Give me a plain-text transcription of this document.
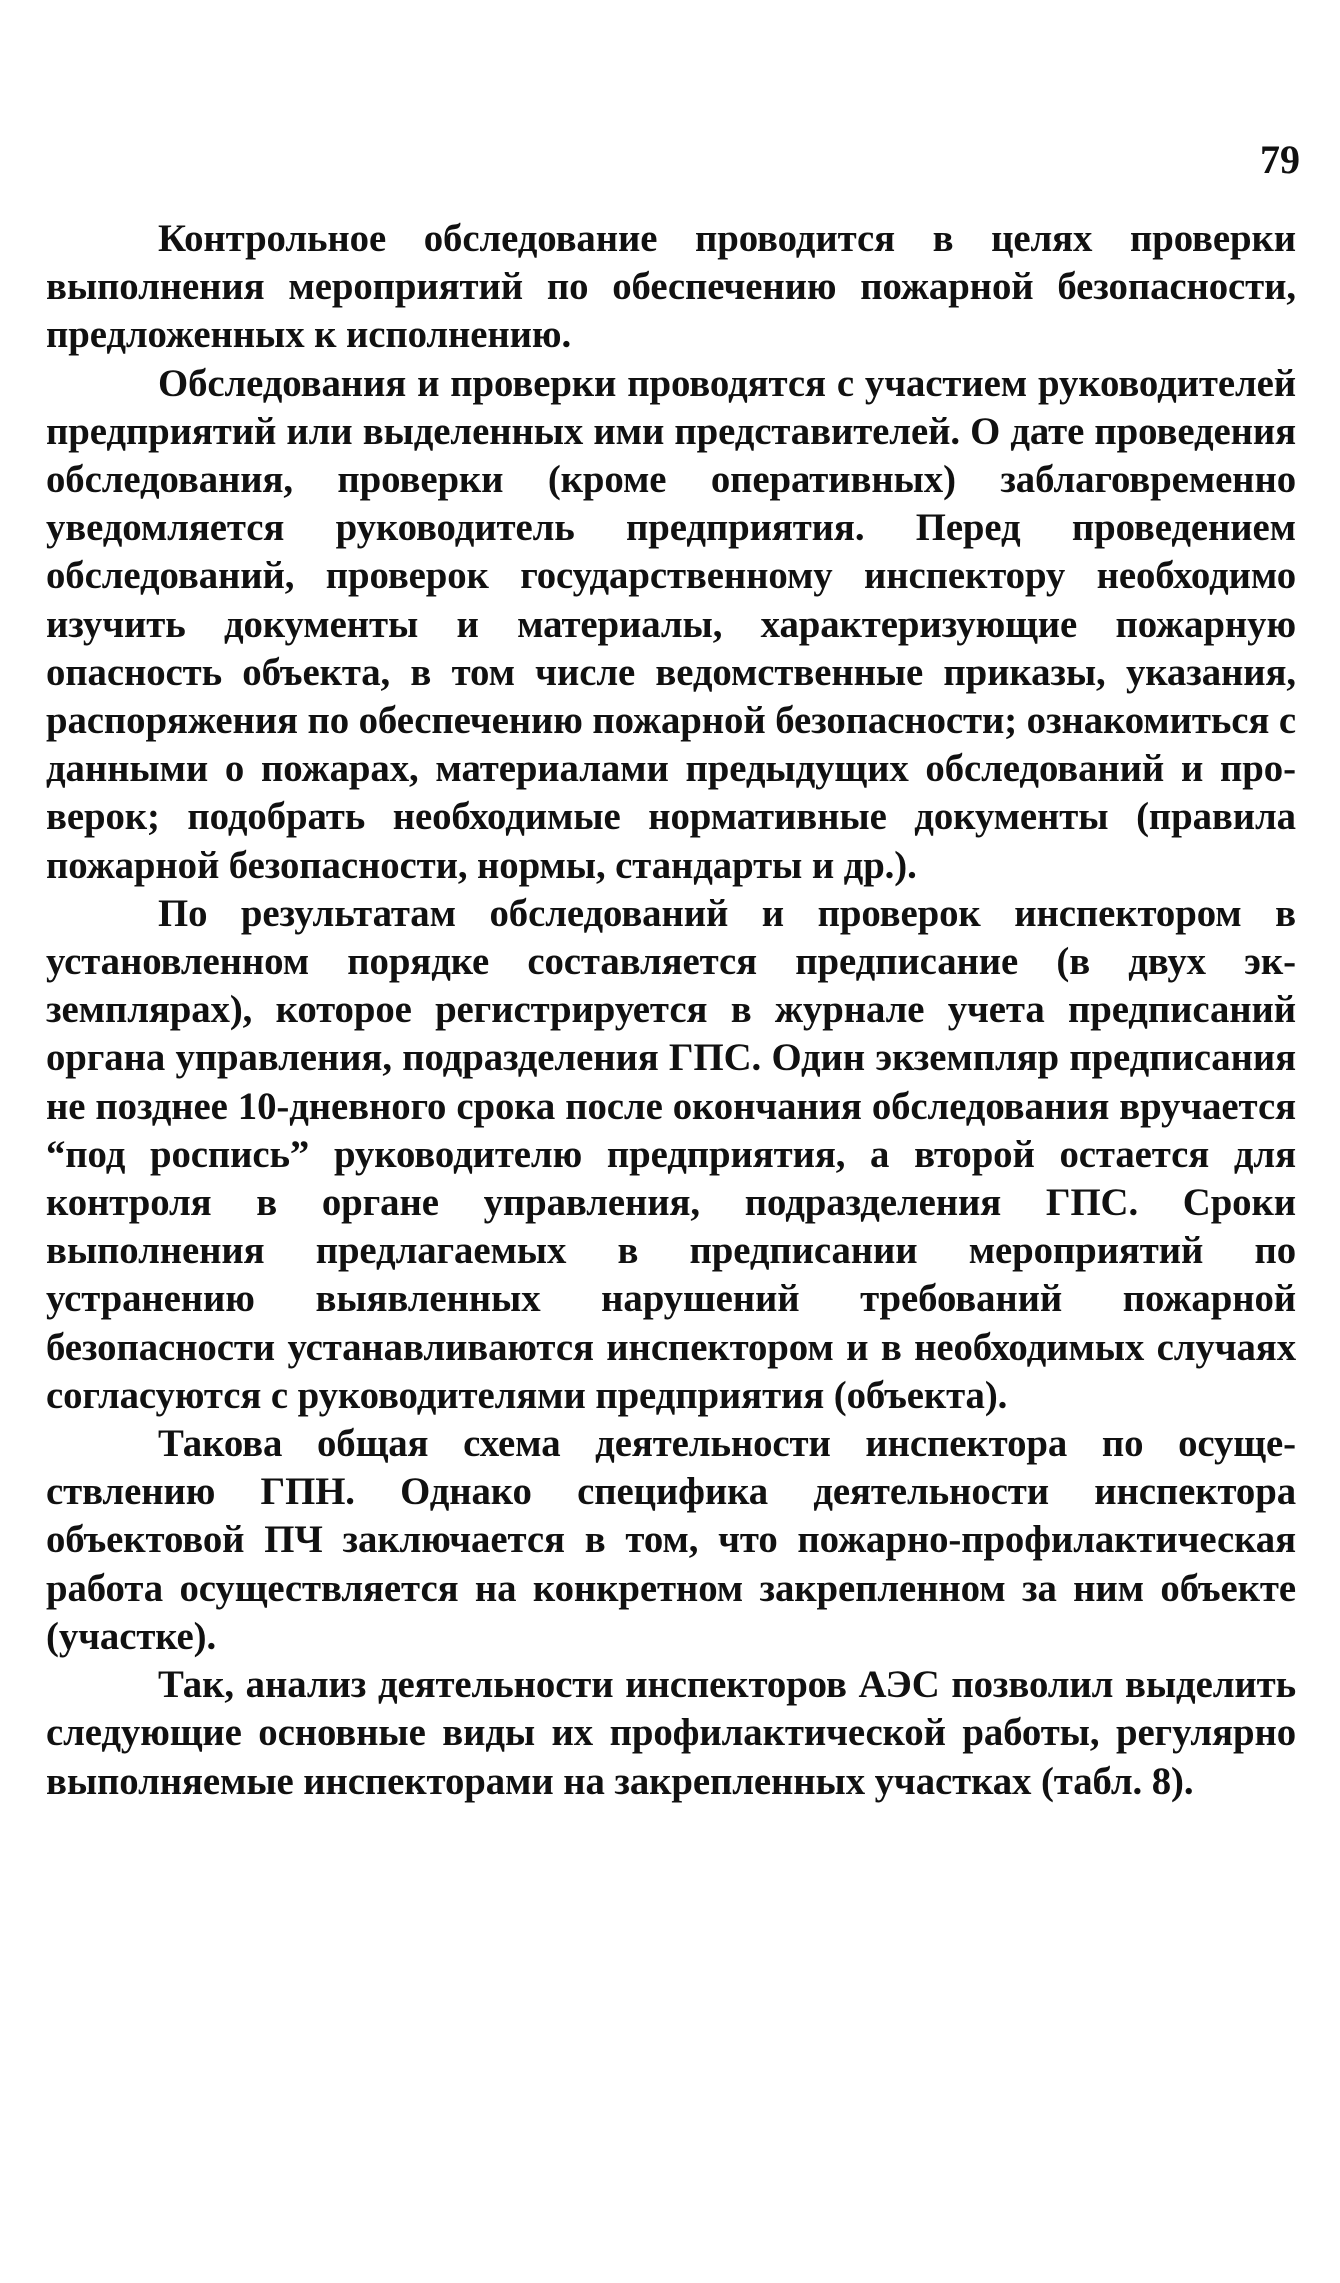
79

Контрольное обследование проводится в целях проверки выполнения мероприятий по обеспечению пожарной безопасности, предложенных к исполнению.

Обследования и проверки проводятся с участием руководителей предприятий или выделенных ими представителей. О дате проведения обследования, проверки (кроме оперативных) заблаговременно уведомляется руководитель предприятия. Перед проведением обследований, проверок государственному инспектору необходимо изучить документы и материалы, характеризующие пожарную опасность объекта, в том числе ведомственные приказы, указания, распоряжения по обеспечению пожарной безопасности; ознакомиться с данными о пожарах, материалами предыдущих обследований и проверок; подобрать необходимые нормативные документы (правила пожарной безопасности, нормы, стандарты и др.).

По результатам обследований и проверок инспектором в установленном порядке составляется предписание (в двух экземплярах), которое регистрируется в журнале учета предписаний органа управления, подразделения ГПС. Один экземпляр предписания не позднее 10-дневного срока после окончания обследования вручается “под роспись” руководителю предприятия, а второй остается для контроля в органе управления, подразделения ГПС. Сроки выполнения предлагаемых в предписании мероприятий по устранению выявленных нарушений требований пожарной безопасности устанавливаются инспектором и в необходимых случаях согласуются с руководителями предприятия (объекта).

Такова общая схема деятельности инспектора по осуществлению ГПН. Однако специфика деятельности инспектора объектовой ПЧ заключается в том, что пожарно-профилактическая работа осуществляется на конкретном закрепленном за ним объекте (участке).

Так, анализ деятельности инспекторов АЭС позволил выделить следующие основные виды их профилактической работы, регулярно выполняемые инспекторами на закрепленных участках (табл. 8).
